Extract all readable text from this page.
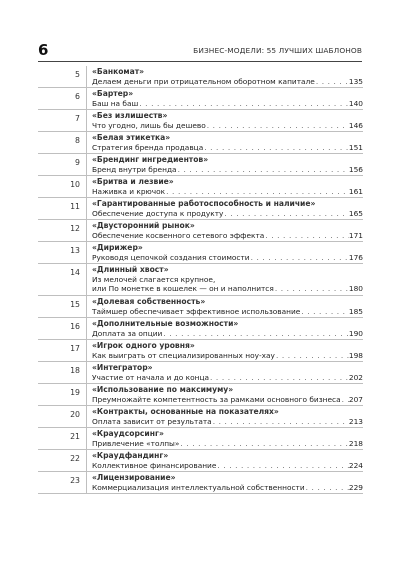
6	БИЗНЕС-МОДЕЛИ: 55 ЛУЧШИХ ШАБЛОНОВ
5 «Банкомат»
Делаем деньги при отрицательном оборотном капитале . . .	135
6 «Бартер»
Баш на баш . . .	140
7 «Без излишеств»
Что угодно, лишь бы дешево . . .	146
8 «Белая этикетка»
Стратегия бренда продавца . . .	151
9 «Брендинг ингредиентов»
Бренд внутри бренда . . .	156
10 «Бритва и лезвие»
Наживка и крючок . . .	161
11 «Гарантированные работоспособность и наличие»
Обеспечение доступа к продукту . . .	165
12 «Двусторонний рынок»
Обеспечение косвенного сетевого эффекта . . .	171
13 «Дирижер»
Руководя цепочкой создания стоимости . . .	176
14 «Длинный хвост»
Из мелочей слагается крупное,
или По монетке в кошелек — он и наполнится . . .	180
15 «Долевая собственность»
Таймшер обеспечивает эффективное использование . . .	185
16 «Дополнительные возможности»
Доплата за опции . . .	190
17 «Игрок одного уровня»
Как выиграть от специализированных ноу-хау . . .	198
18 «Интегратор»
Участие от начала и до конца . . .	202
19 «Использование по максимуму»
Преумножайте компетентность за рамками основного бизнеса . . . 207
20 «Контракты, основанные на показателях»
Оплата зависит от результата . . .	213
21 «Краудсорсинг»
Привлечение «толпы» . . .	218
22 «Краудфандинг»
Коллективное финансирование . . .	224
23 «Лицензирование»
Коммерциализация интеллектуальной собственности . . .	229
